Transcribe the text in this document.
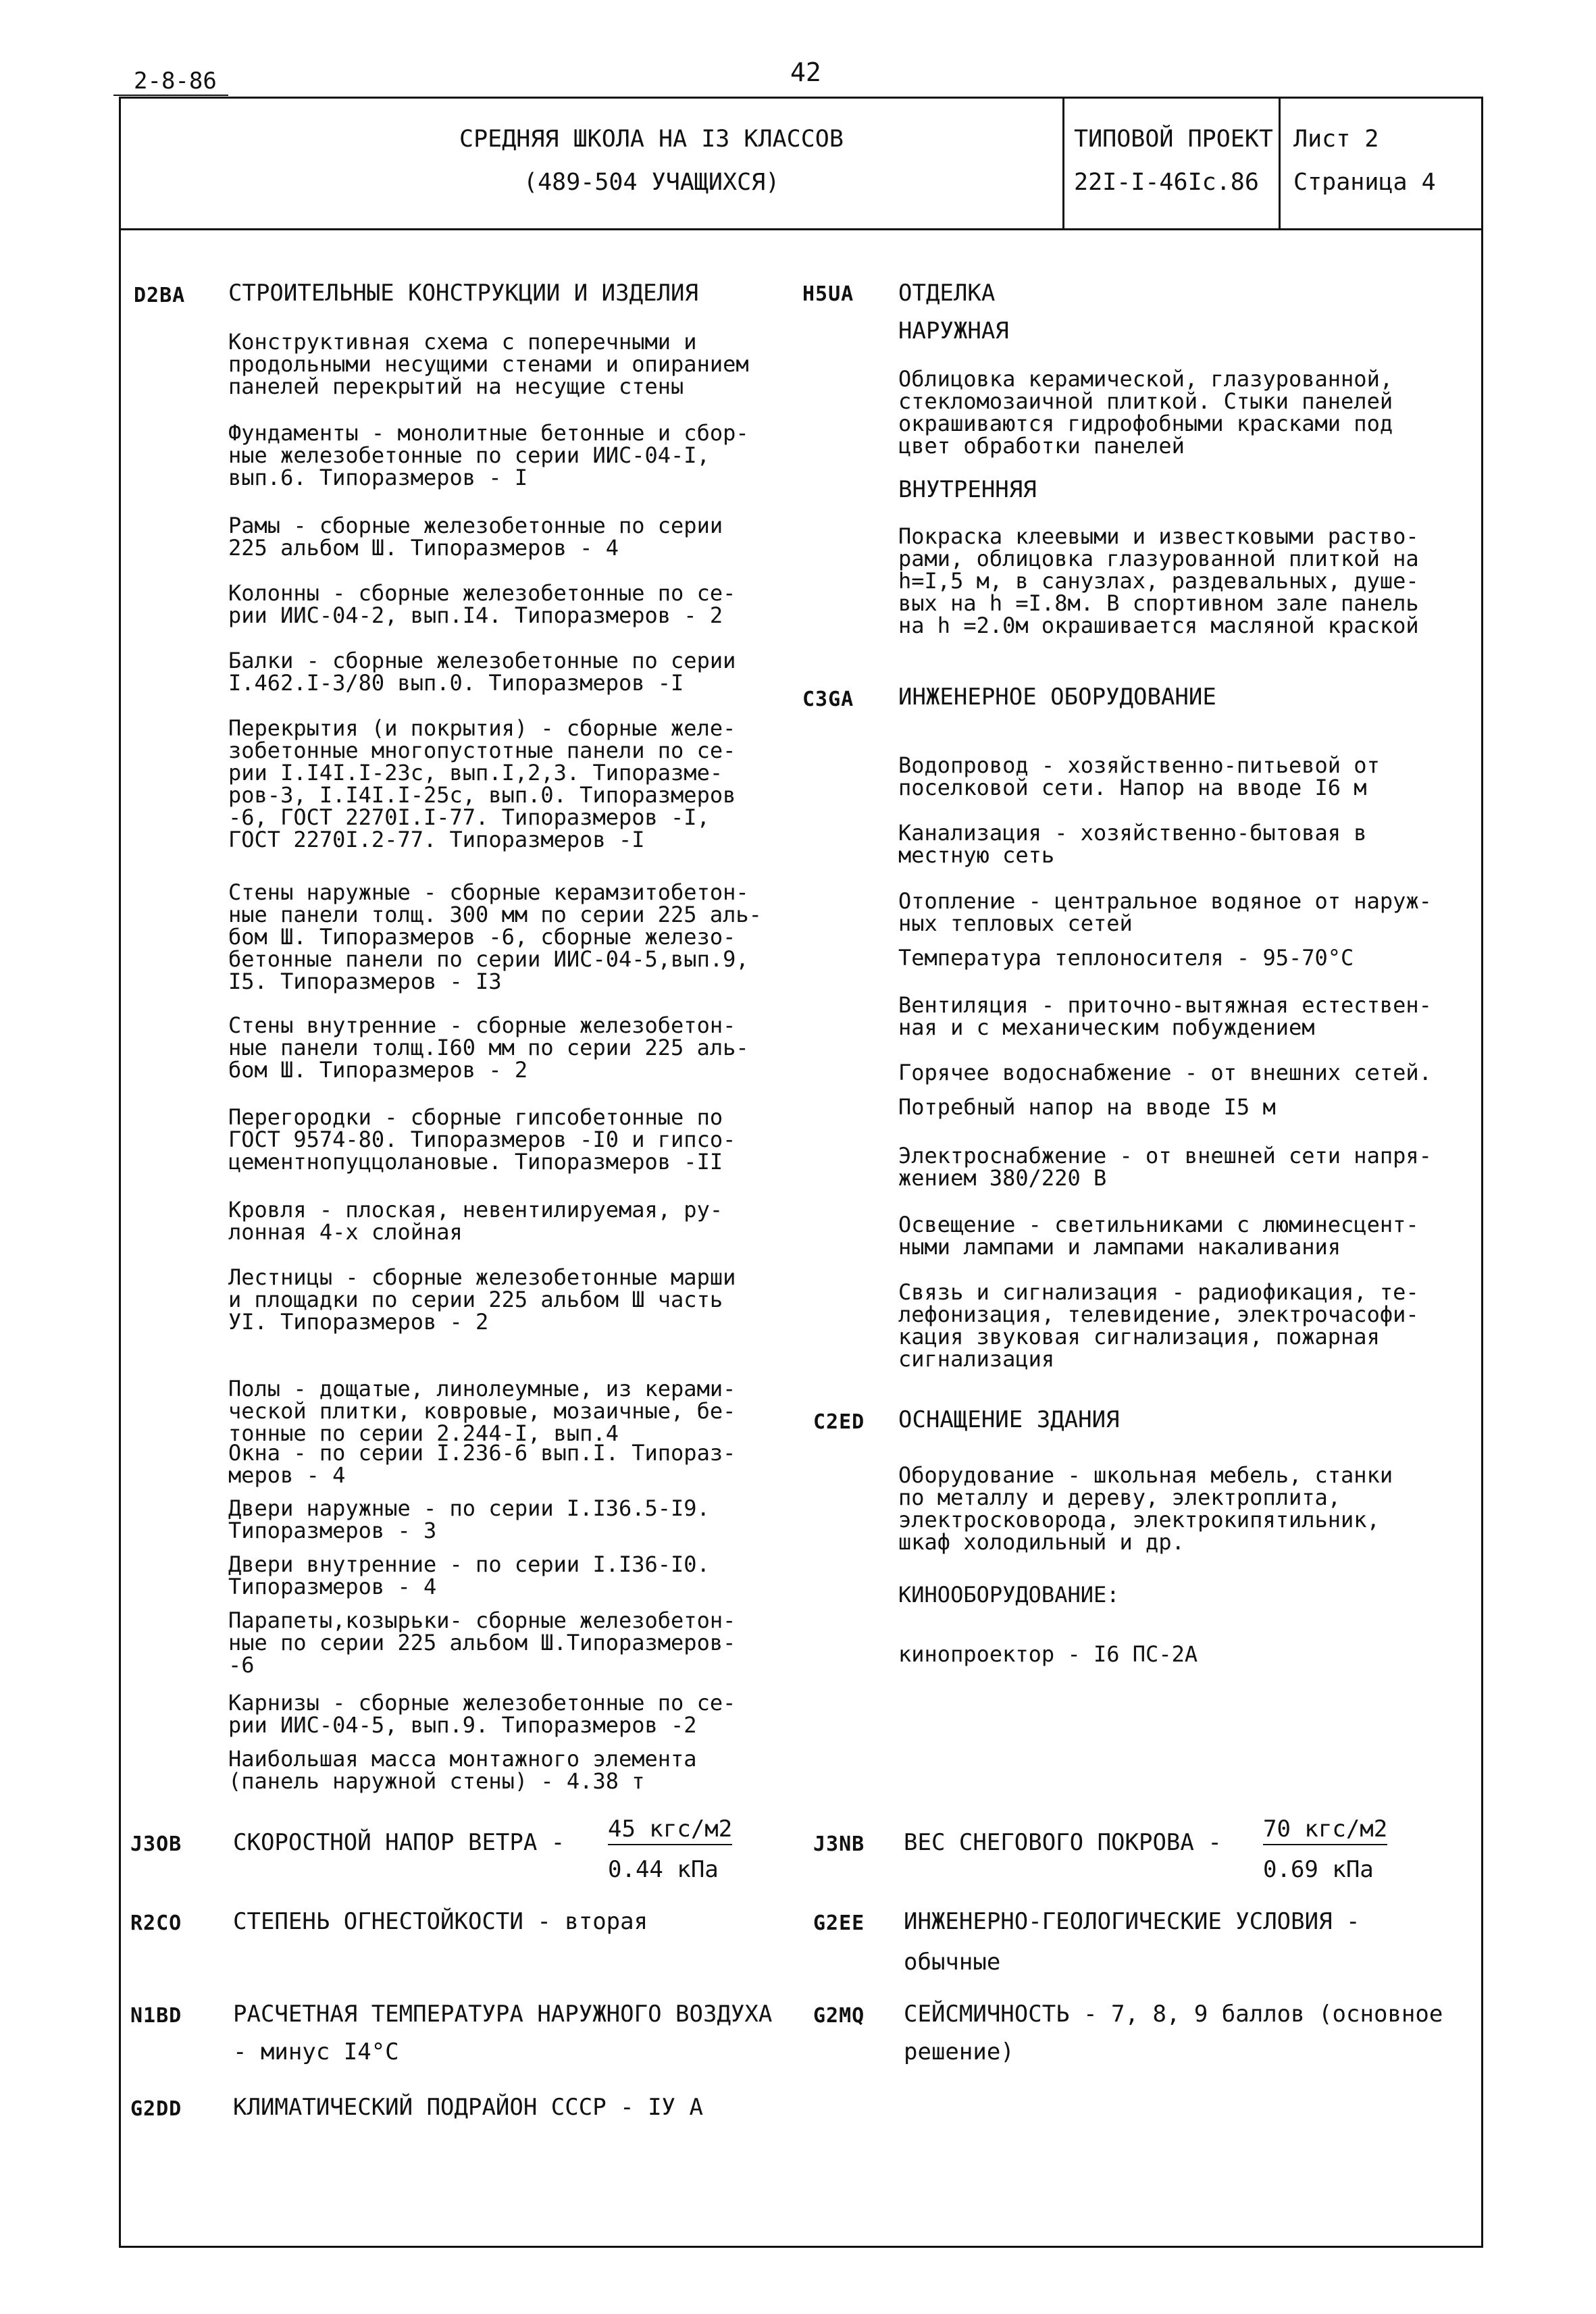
2-8-86	42
СРЕДНЯЯ ШКОЛА НА I3 КЛАССОВ
(489-504 УЧАЩИХСЯ)
ТИПОВОЙ ПРОЕКТ
22I-I-46Iс.86
Лист 2
Страница 4
D2BA СТРОИТЕЛЬНЫЕ КОНСТРУКЦИИ И ИЗДЕЛИЯ
Конструктивная схема с поперечными и
продольными несущими стенами и опиранием
панелей перекрытий на несущие стены
Фундаменты - монолитные бетонные и сбор-
ные железобетонные по серии ИИС-04-I,
вып.6. Типоразмеров - I
Рамы - сборные железобетонные по серии
225 альбом Ш. Типоразмеров - 4
Колонны - сборные железобетонные по се-
рии ИИС-04-2, вып.I4. Типоразмеров - 2
Балки - сборные железобетонные по серии
I.462.I-3/80 вып.0. Типоразмеров -I
Перекрытия (и покрытия) - сборные желе-
зобетонные многопустотные панели по се-
рии I.I4I.I-23с, вып.I,2,3. Типоразме-
ров-3, I.I4I.I-25с, вып.0. Типоразмеров
-6, ГОСТ 2270I.I-77. Типоразмеров -I,
ГОСТ 2270I.2-77. Типоразмеров -I
Стены наружные - сборные керамзитобетон-
ные панели толщ. 300 мм по серии 225 аль-
бом Ш. Типоразмеров -6, сборные железо-
бетонные панели по серии ИИС-04-5,вып.9,
I5. Типоразмеров - I3
Стены внутренние - сборные железобетон-
ные панели толщ.I60 мм по серии 225 аль-
бом Ш. Типоразмеров - 2
Перегородки - сборные гипсобетонные по
ГОСТ 9574-80. Типоразмеров -I0 и гипсо-
цементнопуццолановые. Типоразмеров -II
Кровля - плоская, невентилируемая, ру-
лонная 4-х слойная
Лестницы - сборные железобетонные марши
и площадки по серии 225 альбом Ш часть
УI. Типоразмеров - 2
Полы - дощатые, линолеумные, из керами-
ческой плитки, ковровые, мозаичные, бе-
тонные по серии 2.244-I, вып.4
Окна - по серии I.236-6 вып.I. Типораз-
меров - 4
Двери наружные - по серии I.I36.5-I9.
Типоразмеров - 3
Двери внутренние - по серии I.I36-I0.
Типоразмеров - 4
Парапеты,козырьки- сборные железобетон-
ные по серии 225 альбом Ш.Типоразмеров-
-6
Карнизы - сборные железобетонные по се-
рии ИИС-04-5, вып.9. Типоразмеров -2
Наибольшая масса монтажного элемента
(панель наружной стены) - 4.38 т
H5UA ОТДЕЛКА
НАРУЖНАЯ
Облицовка керамической, глазурованной,
стекломозаичной плиткой. Стыки панелей
окрашиваются гидрофобными красками под
цвет обработки панелей
ВНУТРЕННЯЯ
Покраска клеевыми и известковыми раство-
рами, облицовка глазурованной плиткой на
h=I,5 м, в санузлах, раздевальных, душе-
вых на h =I.8м. В спортивном зале панель
на h =2.0м окрашивается масляной краской
C3GA ИНЖЕНЕРНОЕ ОБОРУДОВАНИЕ
Водопровод - хозяйственно-питьевой от
поселковой сети. Напор на вводе I6 м
Канализация - хозяйственно-бытовая в
местную сеть
Отопление - центральное водяное от наруж-
ных тепловых сетей
Температура теплоносителя - 95-70°С
Вентиляция - приточно-вытяжная естествен-
ная и с механическим побуждением
Горячее водоснабжение - от внешних сетей.
Потребный напор на вводе I5 м
Электроснабжение - от внешней сети напря-
жением 380/220 В
Освещение - светильниками с люминесцент-
ными лампами и лампами накаливания
Связь и сигнализация - радиофикация, те-
лефонизация, телевидение, электрочасофи-
кация звуковая сигнализация, пожарная
сигнализация
C2ED ОСНАЩЕНИЕ ЗДАНИЯ
Оборудование - школьная мебель, станки
по металлу и дереву, электроплита,
электросковорода, электрокипятильник,
шкаф холодильный и др.
КИНООБОРУДОВАНИЕ:
кинопроектор - I6 ПС-2А
J3OB СКОРОСТНОЙ НАПОР ВЕТРА - 45 кгс/м2
0.44 кПа
J3NB ВЕС СНЕГОВОГО ПОКРОВА - 70 кгс/м2
0.69 кПа
R2CO СТЕПЕНЬ ОГНЕСТОЙКОСТИ - вторая	G2EE ИНЖЕНЕРНО-ГЕОЛОГИЧЕСКИЕ УСЛОВИЯ -
обычные
N1BD РАСЧЕТНАЯ ТЕМПЕРАТУРА НАРУЖНОГО ВОЗДУХА
- минус I4°С
G2MQ СЕЙСМИЧНОСТЬ - 7, 8, 9 баллов (основное
решение)
G2DD КЛИМАТИЧЕСКИЙ ПОДРАЙОН СССР - IУ А
